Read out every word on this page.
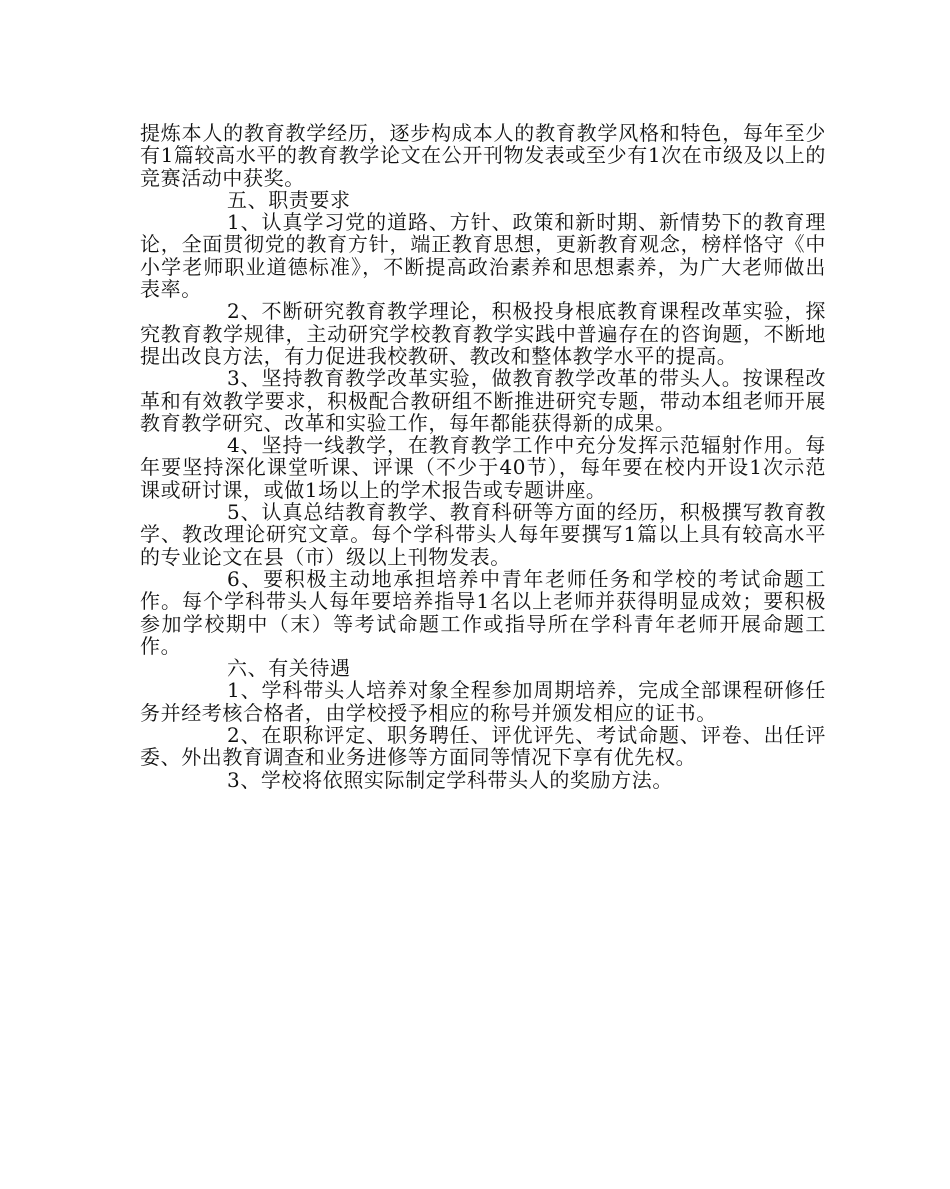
提炼本人的教育教学经历，逐步构成本人的教育教学风格和特色，每年至少有1篇较高水平的教育教学论文在公开刊物发表或至少有1次在市级及以上的竞赛活动中获奖。

五、职责要求

1、认真学习党的道路、方针、政策和新时期、新情势下的教育理论，全面贯彻党的教育方针，端正教育思想，更新教育观念，榜样恪守《中小学老师职业道德标准》，不断提高政治素养和思想素养，为广大老师做出表率。

2、不断研究教育教学理论，积极投身根底教育课程改革实验，探究教育教学规律，主动研究学校教育教学实践中普遍存在的咨询题，不断地提出改良方法，有力促进我校教研、教改和整体教学水平的提高。

3、坚持教育教学改革实验，做教育教学改革的带头人。按课程改革和有效教学要求，积极配合教研组不断推进研究专题，带动本组老师开展教育教学研究、改革和实验工作，每年都能获得新的成果。

4、坚持一线教学，在教育教学工作中充分发挥示范辐射作用。每年要坚持深化课堂听课、评课（不少于40节），每年要在校内开设1次示范课或研讨课，或做1场以上的学术报告或专题讲座。

5、认真总结教育教学、教育科研等方面的经历，积极撰写教育教学、教改理论研究文章。每个学科带头人每年要撰写1篇以上具有较高水平的专业论文在县（市）级以上刊物发表。

6、要积极主动地承担培养中青年老师任务和学校的考试命题工作。每个学科带头人每年要培养指导1名以上老师并获得明显成效；要积极参加学校期中（末）等考试命题工作或指导所在学科青年老师开展命题工作。

六、有关待遇

1、学科带头人培养对象全程参加周期培养，完成全部课程研修任务并经考核合格者，由学校授予相应的称号并颁发相应的证书。

2、在职称评定、职务聘任、评优评先、考试命题、评卷、出任评委、外出教育调查和业务进修等方面同等情况下享有优先权。

3、学校将依照实际制定学科带头人的奖励方法。
